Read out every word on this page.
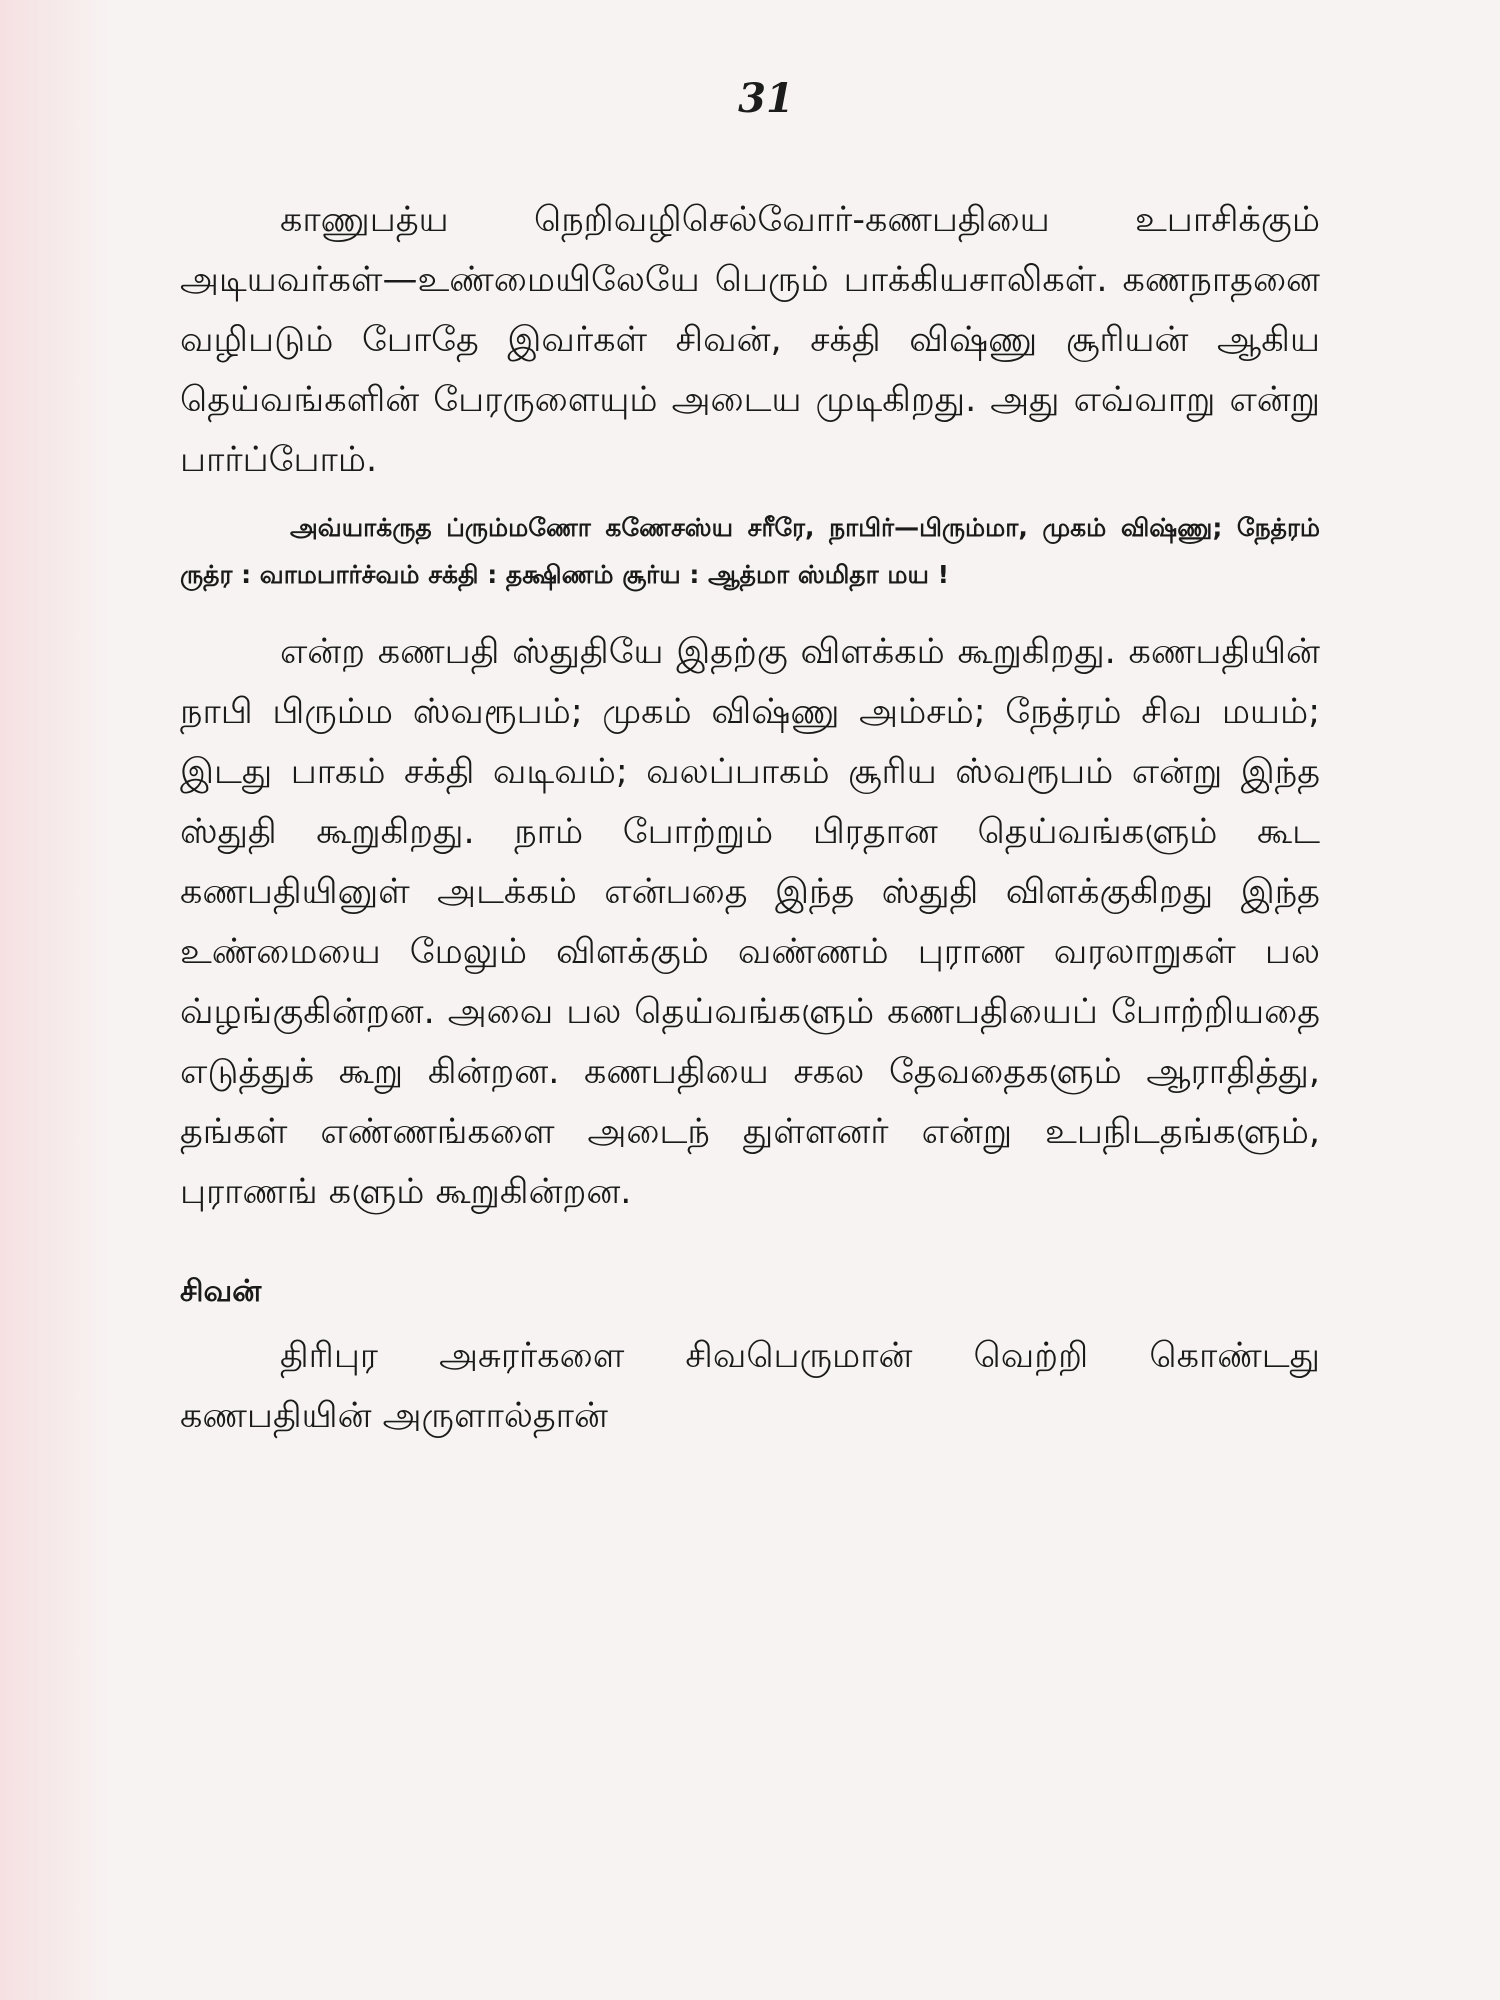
31

காணுபத்ய நெறிவழிசெல்வோர்-கணபதியை உபாசிக்கும் அடியவர்கள்—உண்மையிலேயே பெரும் பாக்கியசாலிகள். கணநாதனை வழிபடும் போதே இவர்கள் சிவன், சக்தி விஷ்ணு சூரியன் ஆகிய தெய்வங்களின் பேரருளையும் அடைய முடிகிறது. அது எவ்வாறு என்று பார்ப்போம்.

அவ்யாக்ருத ப்ரும்மணோ கணேசஸ்ய சரீரே, நாபிர்—பிரும்மா, முகம் விஷ்ணு; நேத்ரம் ருத்ர : வாமபார்ச்வம் சக்தி : தக்ஷிணம் சூர்ய : ஆத்மா ஸ்மிதா மய !

என்ற கணபதி ஸ்துதியே இதற்கு விளக்கம் கூறுகிறது. கணபதியின் நாபி பிரும்ம ஸ்வரூபம்; முகம் விஷ்ணு அம்சம்; நேத்ரம் சிவ மயம்; இடது பாகம் சக்தி வடிவம்; வலப்பாகம் சூரிய ஸ்வரூபம் என்று இந்த ஸ்துதி கூறுகிறது. நாம் போற்றும் பிரதான தெய்வங்களும் கூட கணபதியினுள் அடக்கம் என்பதை இந்த ஸ்துதி விளக்குகிறது இந்த உண்மையை மேலும் விளக்கும் வண்ணம் புராண வரலாறுகள் பல வ்ழங்குகின்றன. அவை பல தெய்வங்களும் கணபதியைப் போற்றியதை எடுத்துக் கூறு கின்றன. கணபதியை சகல தேவதைகளும் ஆராதித்து, தங்கள் எண்ணங்களை அடைந் துள்ளனர் என்று உபநிடதங்களும், புராணங் களும் கூறுகின்றன.

சிவன்

திரிபுர அசுரர்களை சிவபெருமான் வெற்றி கொண்டது கணபதியின் அருளால்தான்
